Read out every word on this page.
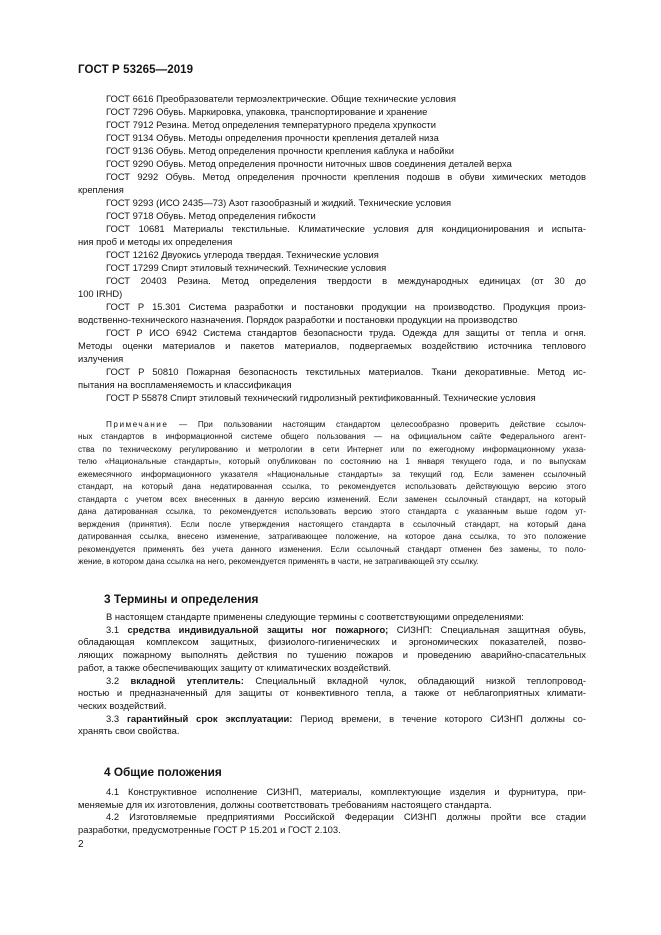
ГОСТ Р 53265—2019
ГОСТ 6616 Преобразователи термоэлектрические. Общие технические условия
ГОСТ 7296 Обувь. Маркировка, упаковка, транспортирование и хранение
ГОСТ 7912 Резина. Метод определения температурного предела хрупкости
ГОСТ 9134 Обувь. Методы определения прочности крепления деталей низа
ГОСТ 9136 Обувь. Метод определения прочности крепления каблука и набойки
ГОСТ 9290 Обувь. Метод определения прочности ниточных швов соединения деталей верха
ГОСТ 9292 Обувь. Метод определения прочности крепления подошв в обуви химических методов
крепления
ГОСТ 9293 (ИСО 2435—73) Азот газообразный и жидкий. Технические условия
ГОСТ 9718 Обувь. Метод определения гибкости
ГОСТ 10681 Материалы текстильные. Климатические условия для кондиционирования и испыта-
ния проб и методы их определения
ГОСТ 12162 Двуокись углерода твердая. Технические условия
ГОСТ 17299 Спирт этиловый технический. Технические условия
ГОСТ 20403 Резина. Метод определения твердости в международных единицах (от 30 до
100 IRHD)
ГОСТ Р 15.301 Система разработки и постановки продукции на производство. Продукция произ-
водственно-технического назначения. Порядок разработки и постановки продукции на производство
ГОСТ Р ИСО 6942 Система стандартов безопасности труда. Одежда для защиты от тепла и огня.
Методы оценки материалов и пакетов материалов, подвергаемых воздействию источника теплового
излучения
ГОСТ Р 50810 Пожарная безопасность текстильных материалов. Ткани декоративные. Метод ис-
пытания на воспламеняемость и классификация
ГОСТ Р 55878 Спирт этиловый технический гидролизный ректификованный. Технические условия
Примечание — При пользовании настоящим стандартом целесообразно проверить действие ссылоч-
ных стандартов в информационной системе общего пользования — на официальном сайте Федерального агент-
ства по техническому регулированию и метрологии в сети Интернет или по ежегодному информационному указа-
телю «Национальные стандарты», который опубликован по состоянию на 1 января текущего года, и по выпускам
ежемесячного информационного указателя «Национальные стандарты» за текущий год. Если заменен ссылочный
стандарт, на который дана недатированная ссылка, то рекомендуется использовать действующую версию этого
стандарта с учетом всех внесенных в данную версию изменений. Если заменен ссылочный стандарт, на который
дана датированная ссылка, то рекомендуется использовать версию этого стандарта с указанным выше годом ут-
верждения (принятия). Если после утверждения настоящего стандарта в ссылочный стандарт, на который дана
датированная ссылка, внесено изменение, затрагивающее положение, на которое дана ссылка, то это положение
рекомендуется применять без учета данного изменения. Если ссылочный стандарт отменен без замены, то поло-
жение, в котором дана ссылка на него, рекомендуется применять в части, не затрагивающей эту ссылку.
3 Термины и определения
В настоящем стандарте применены следующие термины с соответствующими определениями:
3.1 средства индивидуальной защиты ног пожарного; СИЗНП: Специальная защитная обувь,
обладающая комплексом защитных, физиолого-гигиенических и эргономических показателей, позво-
ляющих пожарному выполнять действия по тушению пожаров и проведению аварийно-спасательных
работ, а также обеспечивающих защиту от климатических воздействий.
3.2 вкладной утеплитель: Специальный вкладной чулок, обладающий низкой теплопровод-
ностью и предназначенный для защиты от конвективного тепла, а также от неблагоприятных климати-
ческих воздействий.
3.3 гарантийный срок эксплуатации: Период времени, в течение которого СИЗНП должны со-
хранять свои свойства.
4 Общие положения
4.1 Конструктивное исполнение СИЗНП, материалы, комплектующие изделия и фурнитура, при-
меняемые для их изготовления, должны соответствовать требованиям настоящего стандарта.
4.2 Изготовляемые предприятиями Российской Федерации СИЗНП должны пройти все стадии
разработки, предусмотренные ГОСТ Р 15.201 и ГОСТ 2.103.
2
